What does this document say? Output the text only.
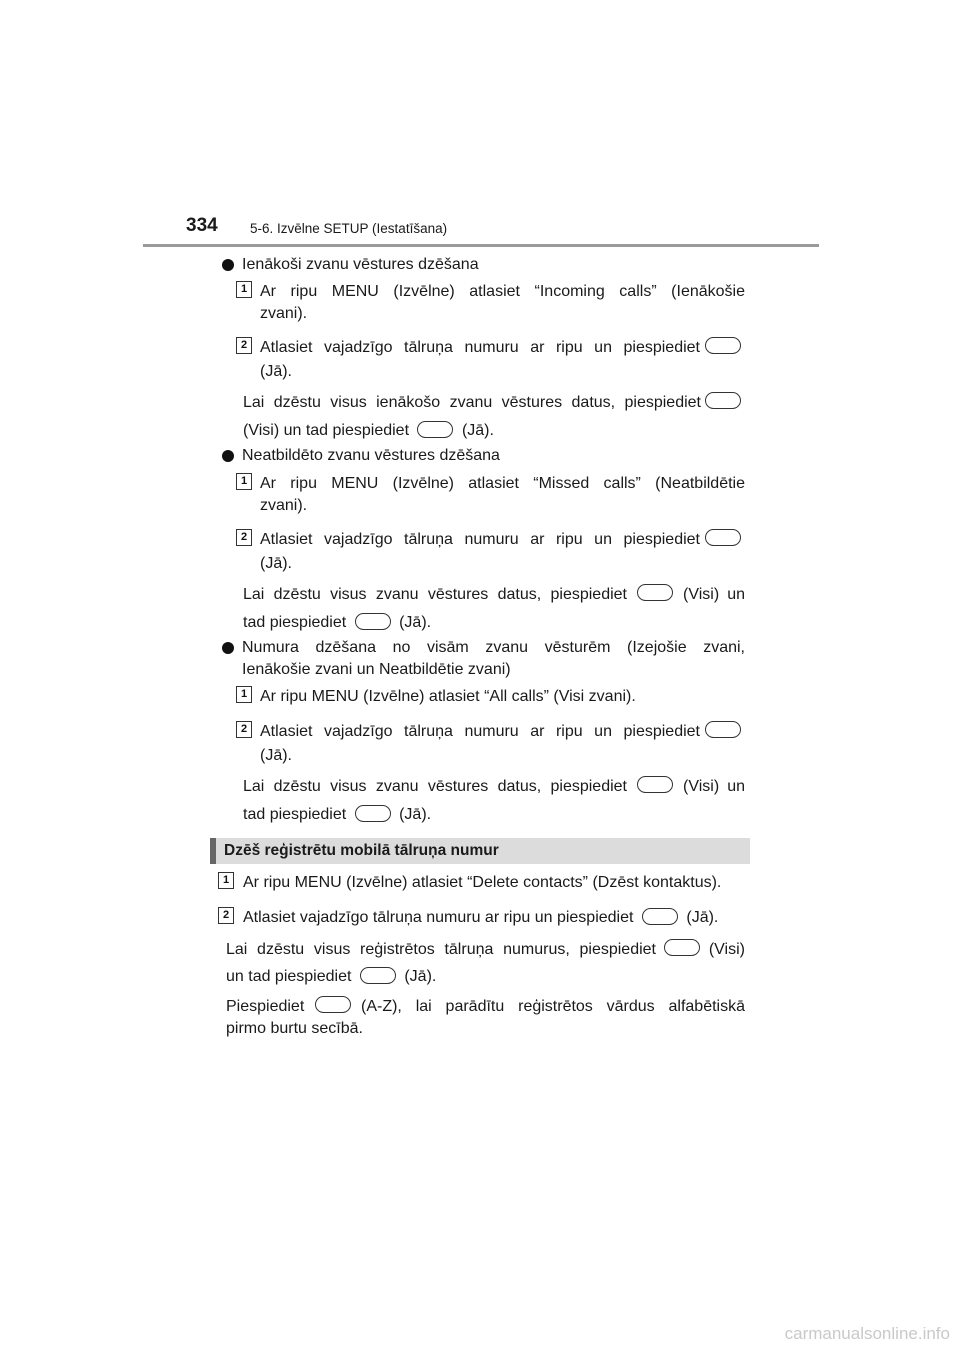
334 5-6. Izvēlne SETUP (Iestatīšana)
Ienākoši zvanu vēstures dzēšana
1 Ar ripu MENU (Izvēlne) atlasiet “Incoming calls” (Ienākošie
zvani).
2 Atlasiet vajadzīgo tālruņa numuru ar ripu un piespiediet
(Jā).
Lai dzēstu visus ienākošo zvanu vēstures datus, piespiediet
(Visi) un tad piespiediet	(Jā).
Neatbildēto zvanu vēstures dzēšana
1 Ar ripu MENU (Izvēlne) atlasiet “Missed calls” (Neatbildētie
zvani).
2 Atlasiet vajadzīgo tālruņa numuru ar ripu un piespiediet
(Jā).
Lai dzēstu visus zvanu vēstures datus, piespiediet	(Visi) un
tad piespiediet	(Jā).
Numura dzēšana no visām zvanu vēsturēm (Izejošie zvani,
Ienākošie zvani un Neatbildētie zvani)
1 Ar ripu MENU (Izvēlne) atlasiet “All calls” (Visi zvani).
2 Atlasiet vajadzīgo tālruņa numuru ar ripu un piespiediet
(Jā).
Lai dzēstu visus zvanu vēstures datus, piespiediet	(Visi) un
tad piespiediet	(Jā).
Dzēš reģistrētu mobilā tālruņa numur
1 Ar ripu MENU (Izvēlne) atlasiet “Delete contacts” (Dzēst kontaktus).
2 Atlasiet vajadzīgo tālruņa numuru ar ripu un piespiediet	(Jā).
Lai dzēstu visus reģistrētos tālruņa numurus, piespiediet	(Visi)
un tad piespiediet	(Jā).
Piespiediet	(A-Z), lai parādītu reģistrētos vārdus alfabētiskā
pirmo burtu secībā.
carmanualsonline.info
